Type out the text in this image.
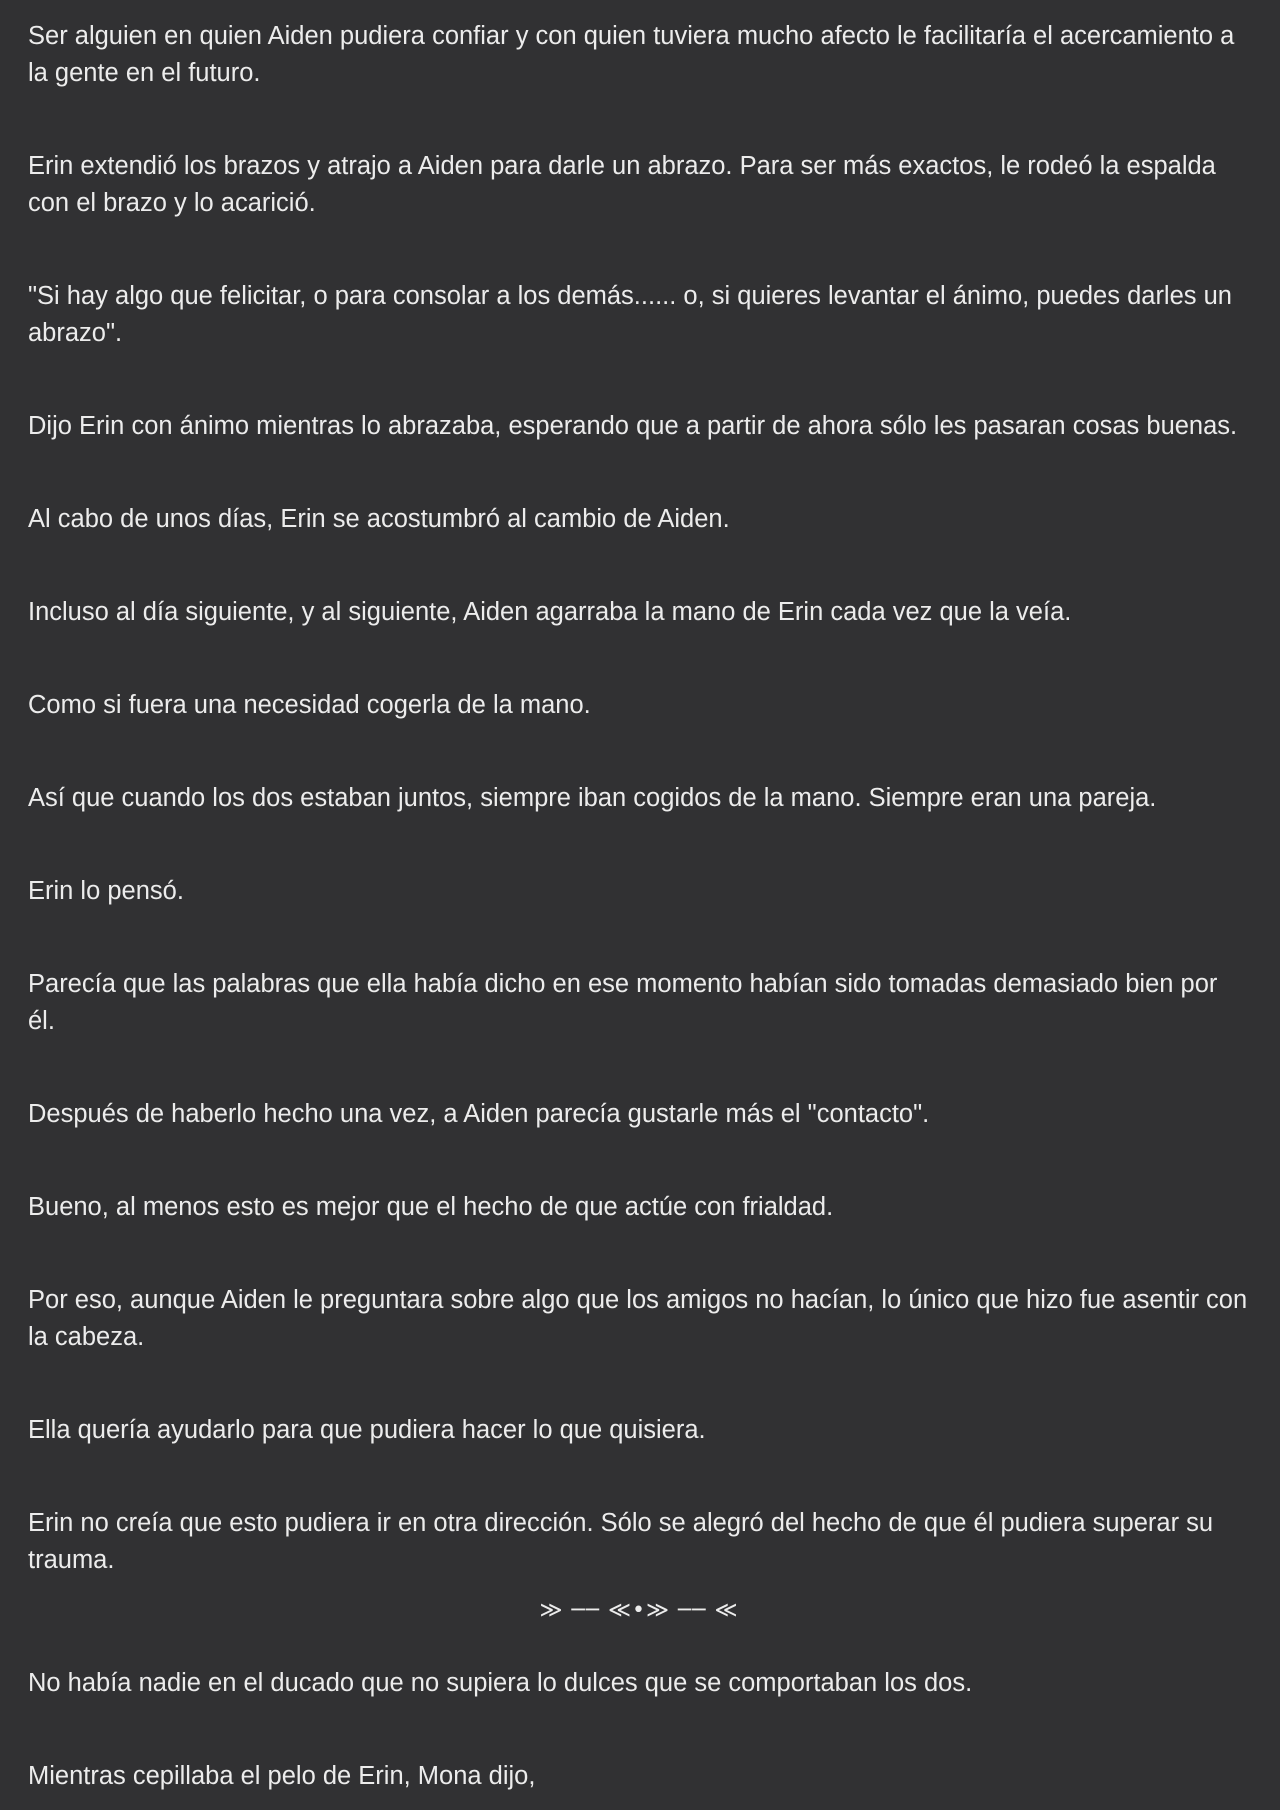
Ser alguien en quien Aiden pudiera confiar y con quien tuviera mucho afecto le facilitaría el acercamiento a la gente en el futuro.

Erin extendió los brazos y atrajo a Aiden para darle un abrazo. Para ser más exactos, le rodeó la espalda con el brazo y lo acarició.

"Si hay algo que felicitar, o para consolar a los demás...... o, si quieres levantar el ánimo, puedes darles un abrazo".

Dijo Erin con ánimo mientras lo abrazaba, esperando que a partir de ahora sólo les pasaran cosas buenas.

Al cabo de unos días, Erin se acostumbró al cambio de Aiden.

Incluso al día siguiente, y al siguiente, Aiden agarraba la mano de Erin cada vez que la veía.

Como si fuera una necesidad cogerla de la mano.

Así que cuando los dos estaban juntos, siempre iban cogidos de la mano. Siempre eran una pareja.

Erin lo pensó.

Parecía que las palabras que ella había dicho en ese momento habían sido tomadas demasiado bien por él.

Después de haberlo hecho una vez, a Aiden parecía gustarle más el "contacto".

Bueno, al menos esto es mejor que el hecho de que actúe con frialdad.

Por eso, aunque Aiden le preguntara sobre algo que los amigos no hacían, lo único que hizo fue asentir con la cabeza.

Ella quería ayudarlo para que pudiera hacer lo que quisiera.

Erin no creía que esto pudiera ir en otra dirección. Sólo se alegró del hecho de que él pudiera superar su trauma.

≫ ── ≪•≫ ── ≪

No había nadie en el ducado que no supiera lo dulces que se comportaban los dos.

Mientras cepillaba el pelo de Erin, Mona dijo,
